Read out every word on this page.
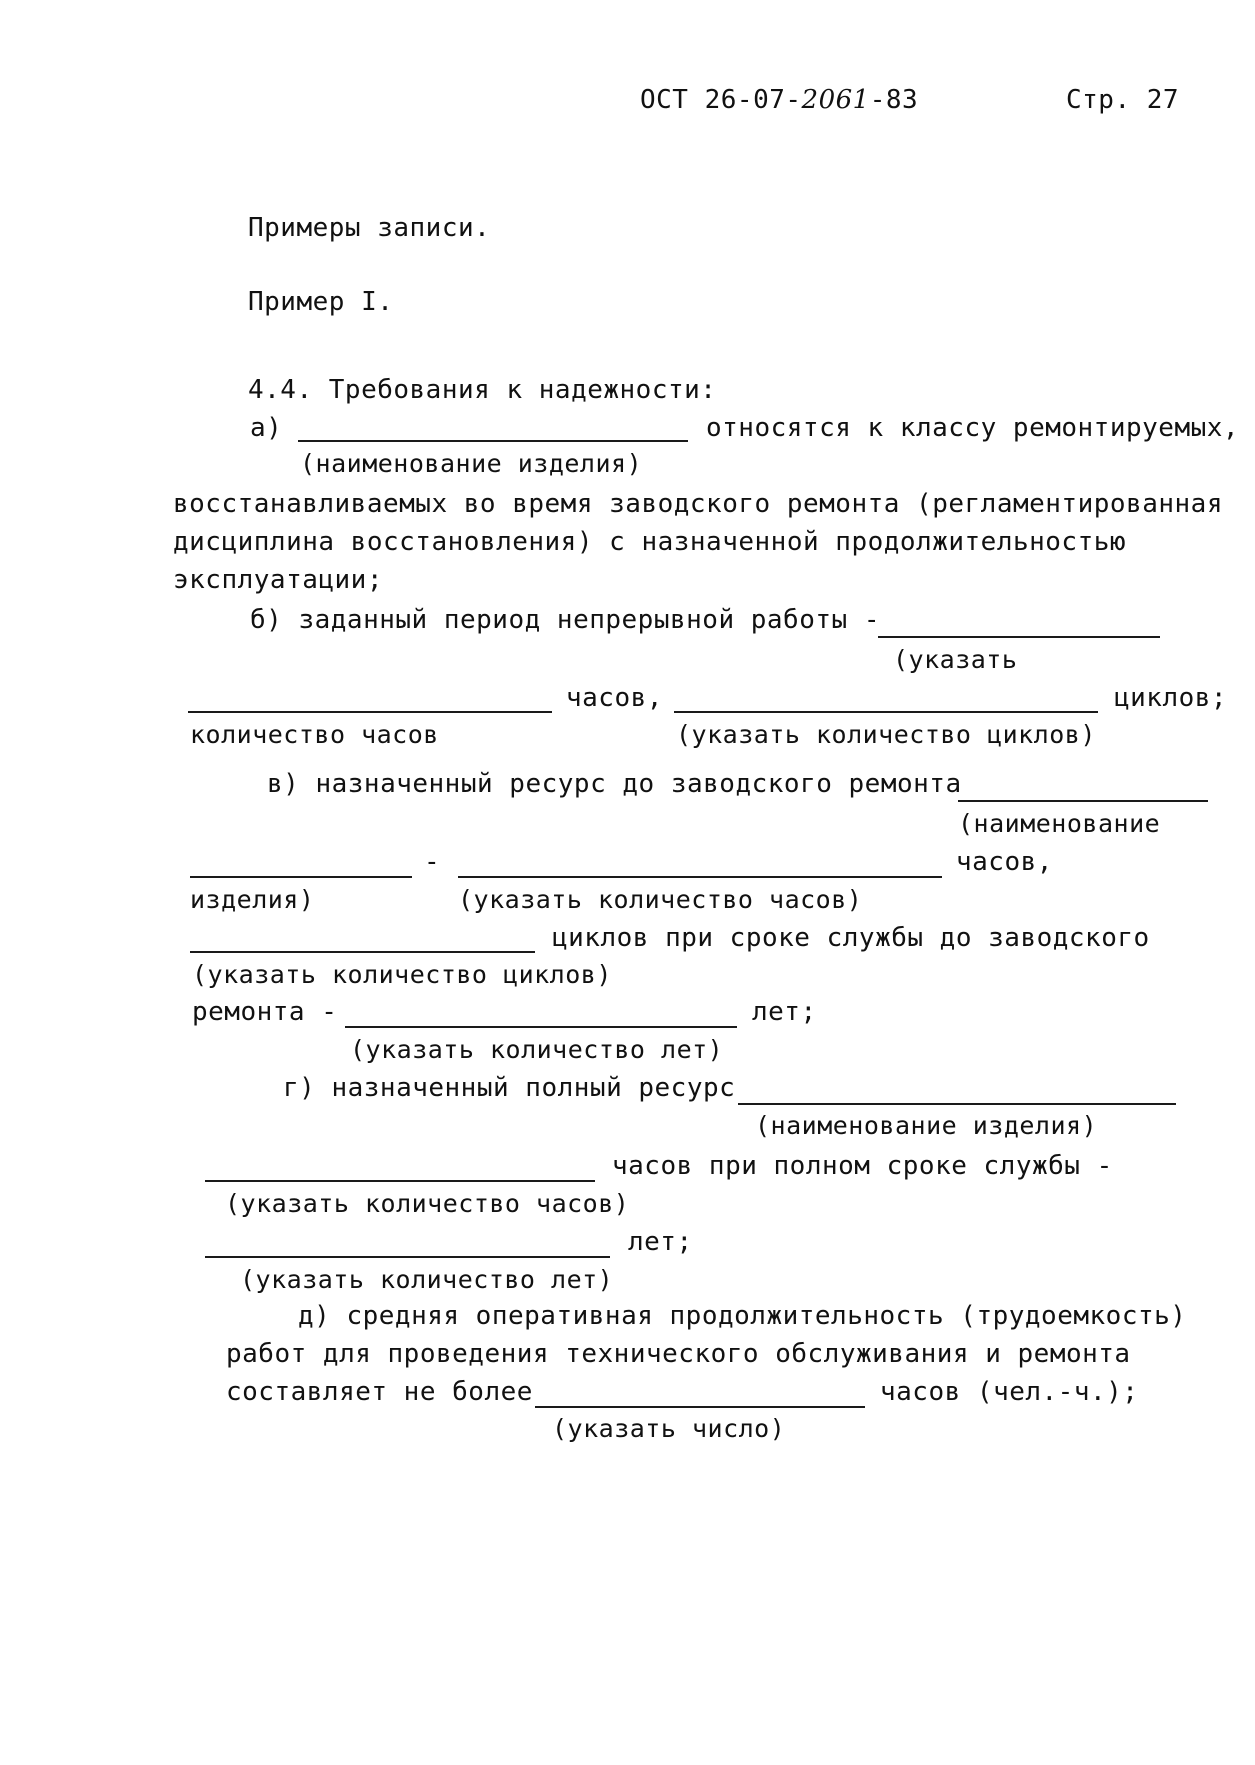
ОСТ 26-07-2061-83	Стр. 27
Примеры записи.
Пример I.
4.4. Требования к надежности:
а)	относятся к классу ремонтируемых,
(наименование изделия)
восстанавливаемых во время заводского ремонта (регламентированная
дисциплина восстановления) с назначенной продолжительностью
эксплуатации;
б) заданный период непрерывной работы -
(указать
часов,	циклов;
количество часов	(указать количество циклов)
в) назначенный ресурс до заводского ремонта
(наименование
-	часов,
изделия)	(указать количество часов)
циклов при сроке службы до заводского
(указать количество циклов)
ремонта -	лет;
(указать количество лет)
г) назначенный полный ресурс
(наименование изделия)
часов при полном сроке службы -
(указать количество часов)
лет;
(указать количество лет)
д) средняя оперативная продолжительность (трудоемкость)
работ для проведения технического обслуживания и ремонта
составляет не более	часов (чел.-ч.);
(указать число)
